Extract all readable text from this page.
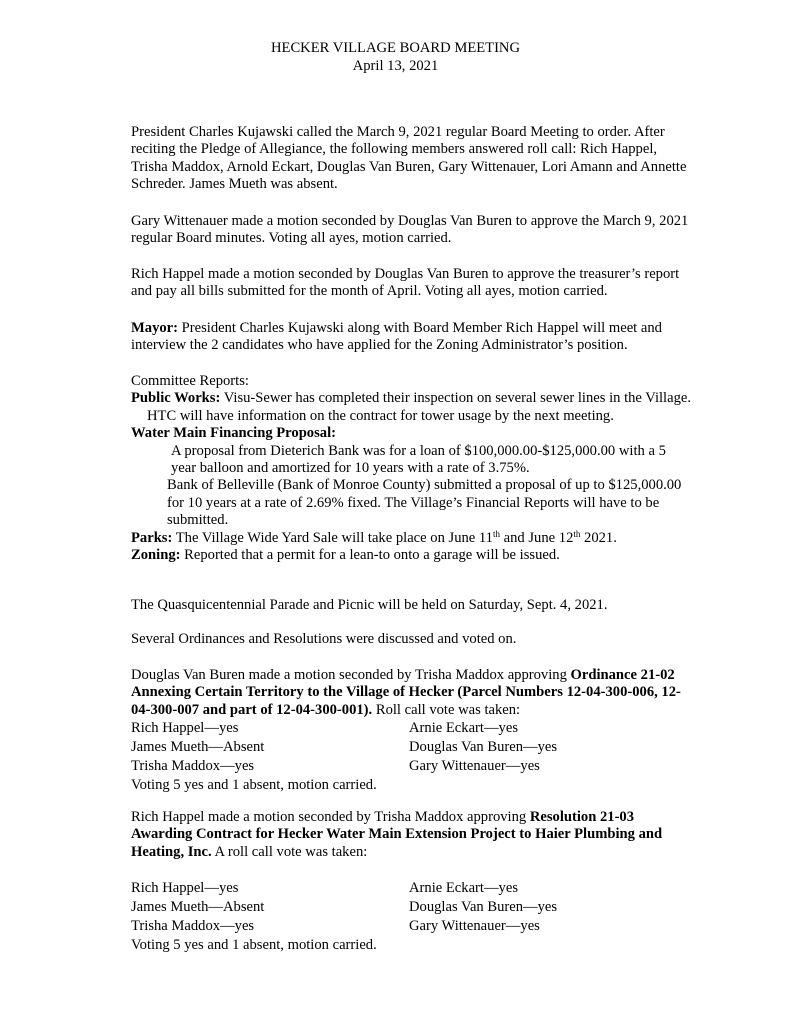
HECKER VILLAGE BOARD MEETING
April 13, 2021

President Charles Kujawski called the March 9, 2021 regular Board Meeting to order. After reciting the Pledge of Allegiance, the following members answered roll call: Rich Happel, Trisha Maddox, Arnold Eckart, Douglas Van Buren, Gary Wittenauer, Lori Amann and Annette Schreder. James Mueth was absent.

Gary Wittenauer made a motion seconded by Douglas Van Buren to approve the March 9, 2021 regular Board minutes. Voting all ayes, motion carried.

Rich Happel made a motion seconded by Douglas Van Buren to approve the treasurer’s report and pay all bills submitted for the month of April. Voting all ayes, motion carried.

Mayor: President Charles Kujawski along with Board Member Rich Happel will meet and interview the 2 candidates who have applied for the Zoning Administrator’s position.

Committee Reports:
Public Works: Visu-Sewer has completed their inspection on several sewer lines in the Village.
HTC will have information on the contract for tower usage by the next meeting.
Water Main Financing Proposal:
A proposal from Dieterich Bank was for a loan of $100,000.00-$125,000.00 with a 5 year balloon and amortized for 10 years with a rate of 3.75%.
Bank of Belleville (Bank of Monroe County) submitted a proposal of up to $125,000.00 for 10 years at a rate of 2.69% fixed. The Village’s Financial Reports will have to be submitted.
Parks: The Village Wide Yard Sale will take place on June 11th and June 12th 2021.
Zoning: Reported that a permit for a lean-to onto a garage will be issued.

The Quasquicentennial Parade and Picnic will be held on Saturday, Sept. 4, 2021.

Several Ordinances and Resolutions were discussed and voted on.

Douglas Van Buren made a motion seconded by Trisha Maddox approving Ordinance 21-02 Annexing Certain Territory to the Village of Hecker (Parcel Numbers 12-04-300-006, 12-04-300-007 and part of 12-04-300-001). Roll call vote was taken:

Rich Happel—yes	Arnie Eckart—yes
James Mueth—Absent	Douglas Van Buren—yes
Trisha Maddox—yes	Gary Wittenauer—yes
Voting 5 yes and 1 absent, motion carried.

Rich Happel made a motion seconded by Trisha Maddox approving Resolution 21-03 Awarding Contract for Hecker Water Main Extension Project to Haier Plumbing and Heating, Inc. A roll call vote was taken:

Rich Happel—yes	Arnie Eckart—yes
James Mueth—Absent	Douglas Van Buren—yes
Trisha Maddox—yes	Gary Wittenauer—yes
Voting 5 yes and 1 absent, motion carried.
